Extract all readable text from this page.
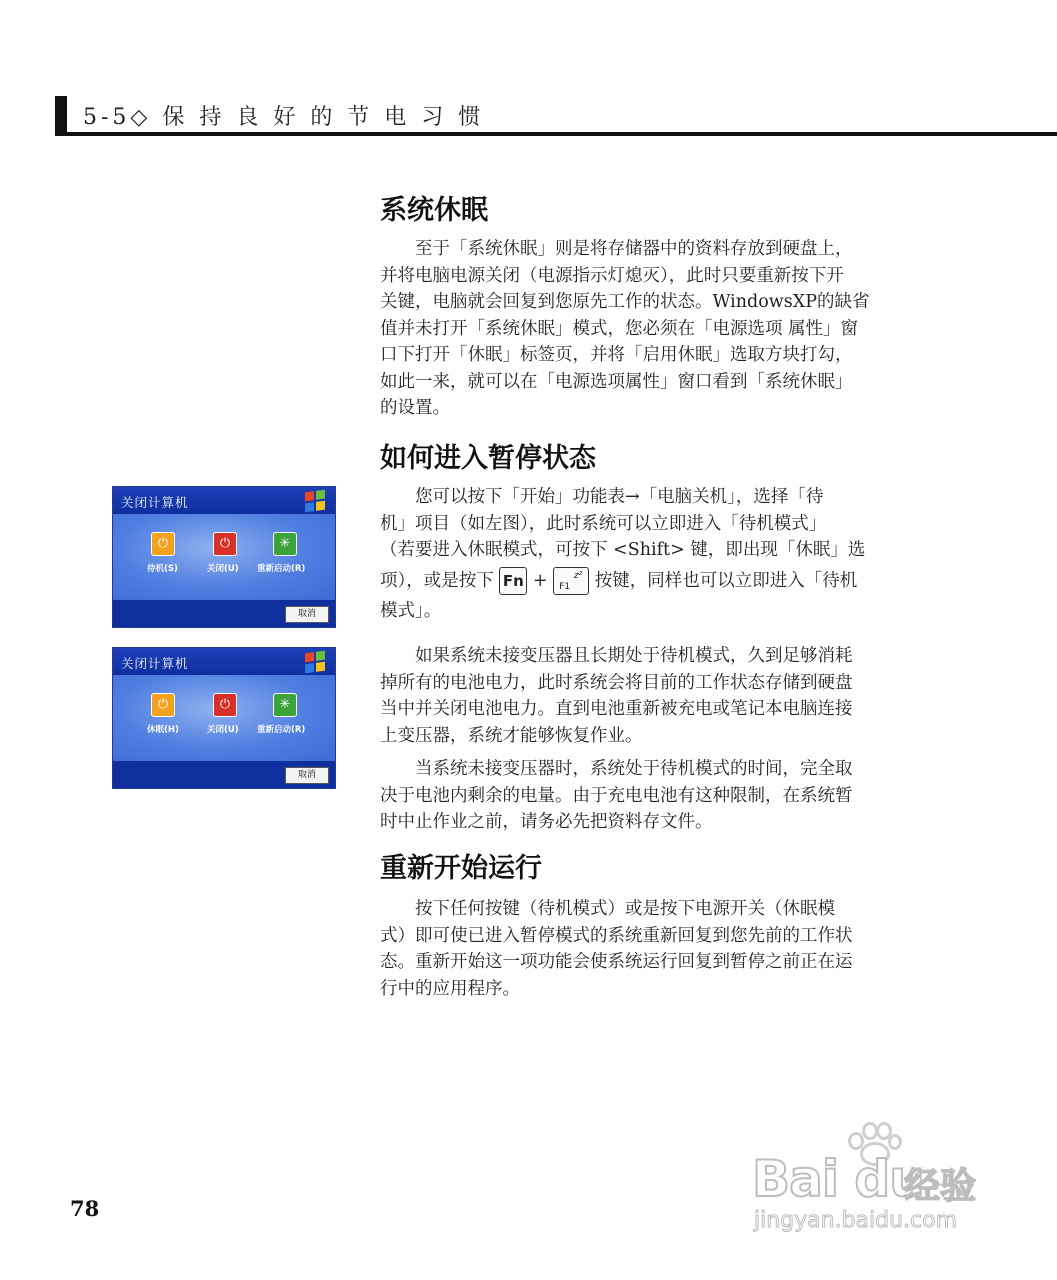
5-5◇ 保 持 良 好 的 节 电 习 惯
系统休眠
至于「系统休眠」则是将存储器中的资料存放到硬盘上，
并将电脑电源关闭（电源指示灯熄灭），此时只要重新按下开
关键，电脑就会回复到您原先工作的状态。WindowsXP的缺省
值并未打开「系统休眠」模式，您必须在「电源选项 属性」窗
口下打开「休眠」标签页，并将「启用休眠」选取方块打勾，
如此一来，就可以在「电源选项属性」窗口看到「系统休眠」
的设置。
如何进入暂停状态
您可以按下「开始」功能表→「电脑关机」，选择「待
机」项目（如左图），此时系统可以立即进入「待机模式」
（若要进入休眠模式，可按下 <Shift> 键，即出现「休眠」选
项），或是按下 Fn + F1
z² 按键，同样也可以立即进入「待机
模式」。
如果系统未接变压器且长期处于待机模式，久到足够消耗
掉所有的电池电力，此时系统会将目前的工作状态存储到硬盘
当中并关闭电池电力。直到电池重新被充电或笔记本电脑连接
上变压器，系统才能够恢复作业。
当系统未接变压器时，系统处于待机模式的时间，完全取
决于电池内剩余的电量。由于充电电池有这种限制，在系统暂
时中止作业之前，请务必先把资料存文件。
重新开始运行
按下任何按键（待机模式）或是按下电源开关（休眠模
式）即可使已进入暂停模式的系统重新回复到您先前的工作状
态。重新开始这一项功能会使系统运行回复到暂停之前正在运
行中的应用程序。
关闭计算机
⏻	⏻	✳
待机(S)	关闭(U) 重新启动(R)
取消
关闭计算机
⏻	⏻	✳
休眠(H)	关闭(U) 重新启动(R)
取消
78
Bai du
经验
jingyan.baidu.com
